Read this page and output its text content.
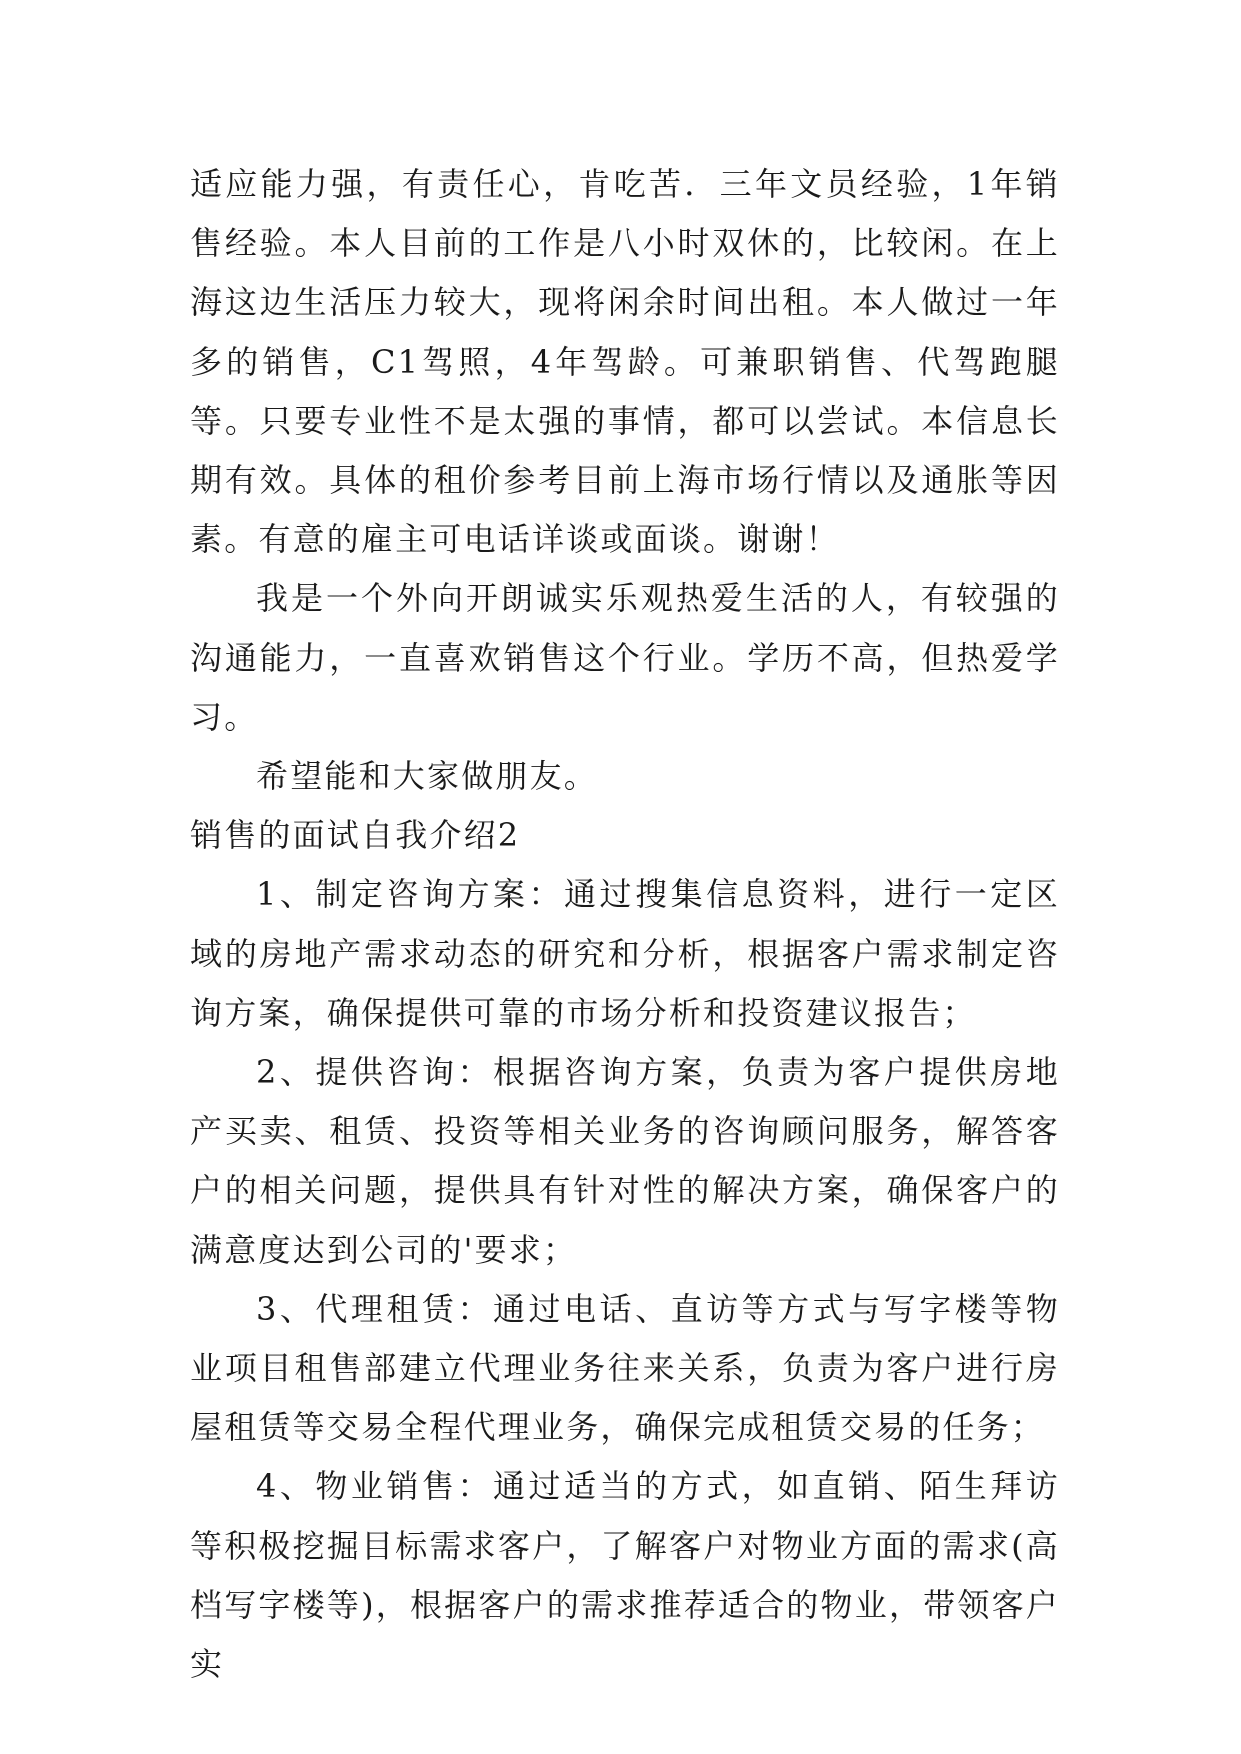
适应能力强，有责任心，肯吃苦．三年文员经验，1年销售经验。本人目前的工作是八小时双休的，比较闲。在上海这边生活压力较大，现将闲余时间出租。本人做过一年多的销售，C1驾照，4年驾龄。可兼职销售、代驾跑腿等。只要专业性不是太强的事情，都可以尝试。本信息长期有效。具体的租价参考目前上海市场行情以及通胀等因素。有意的雇主可电话详谈或面谈。谢谢！

我是一个外向开朗诚实乐观热爱生活的人，有较强的沟通能力，一直喜欢销售这个行业。学历不高，但热爱学习。

希望能和大家做朋友。

销售的面试自我介绍2

1、制定咨询方案：通过搜集信息资料，进行一定区域的房地产需求动态的研究和分析，根据客户需求制定咨询方案，确保提供可靠的市场分析和投资建议报告；

2、提供咨询：根据咨询方案，负责为客户提供房地产买卖、租赁、投资等相关业务的咨询顾问服务，解答客户的相关问题，提供具有针对性的解决方案，确保客户的满意度达到公司的'要求；

3、代理租赁：通过电话、直访等方式与写字楼等物业项目租售部建立代理业务往来关系，负责为客户进行房屋租赁等交易全程代理业务，确保完成租赁交易的任务；

4、物业销售：通过适当的方式，如直销、陌生拜访等积极挖掘目标需求客户，了解客户对物业方面的需求(高档写字楼等)，根据客户的需求推荐适合的物业，带领客户实
